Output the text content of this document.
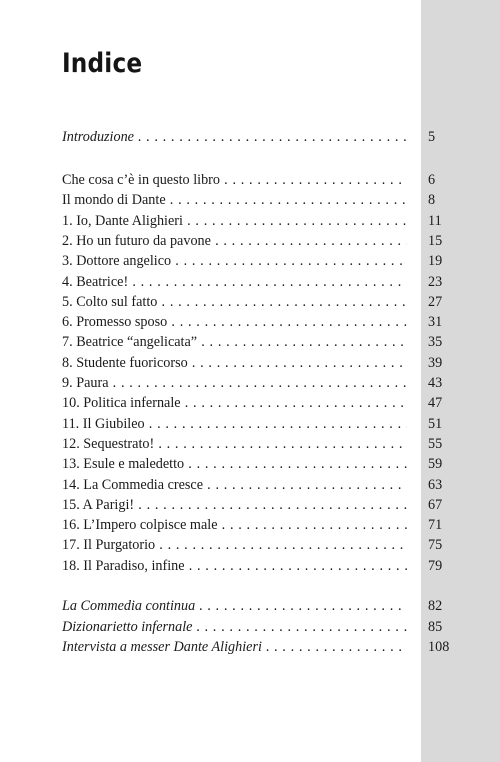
Indice
Introduzione . . .	5
Che cosa c’è in questo libro . . .	6
Il mondo di Dante . . .	8
1. Io, Dante Alighieri . . .	11
2. Ho un futuro da pavone . . .	15
3. Dottore angelico . . .	19
4. Beatrice! . . .	23
5. Colto sul fatto . . .	27
6. Promesso sposo . . .	31
7. Beatrice “angelicata” . . .	35
8. Studente fuoricorso . . .	39
9. Paura . . .	43
10. Politica infernale . . .	47
11. Il Giubileo . . .	51
12. Sequestrato! . . .	55
13. Esule e maledetto . . .	59
14. La Commedia cresce . . .	63
15. A Parigi! . . .	67
16. L’Impero colpisce male . . .	71
17. Il Purgatorio . . .	75
18. Il Paradiso, infine . . .	79
La Commedia continua . . .	82
Dizionarietto infernale . . .	85
Intervista a messer Dante Alighieri . . .	108
